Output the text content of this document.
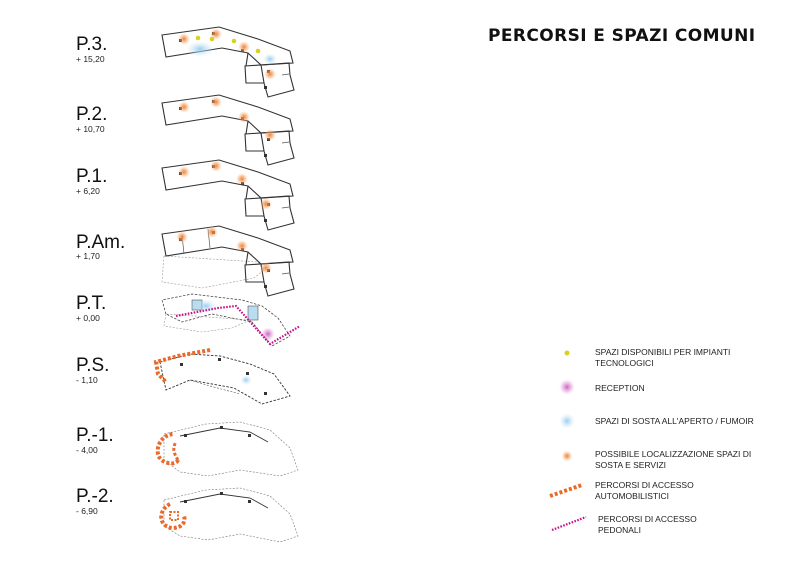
PERCORSI E SPAZI COMUNI
P.3.
+ 15,20
P.2.
+ 10,70
P.1.
+ 6,20
P.Am.
+ 1,70
P.T.
+ 0,00
P.S.
- 1,10
P.-1.
- 4,00
P.-2.
- 6,90
SPAZI DISPONIBILI PER IMPIANTI TECNOLOGICI
RECEPTION
SPAZI DI SOSTA ALL'APERTO / FUMOIR
POSSIBILE LOCALIZZAZIONE SPAZI DI SOSTA E SERVIZI
PERCORSI DI ACCESSO AUTOMOBILISTICI
PERCORSI DI ACCESSO PEDONALI
